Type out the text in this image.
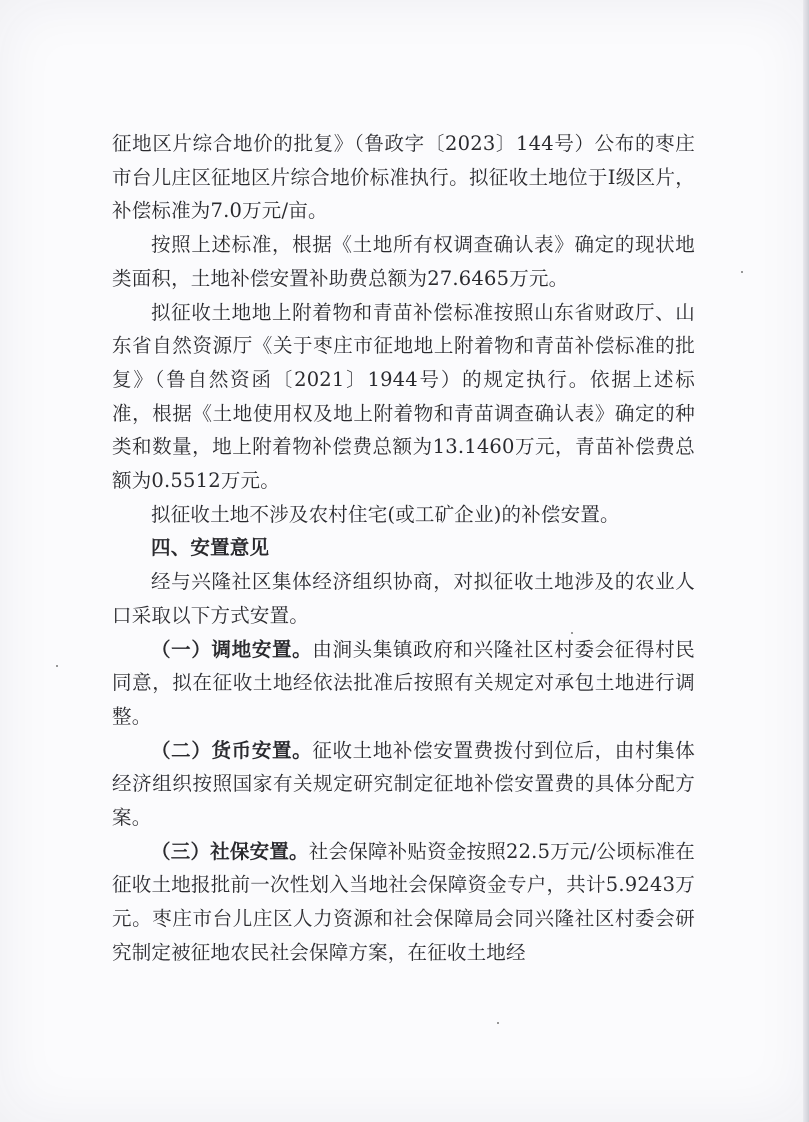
征地区片综合地价的批复》（鲁政字〔2023〕144号）公布的枣庄市台儿庄区征地区片综合地价标准执行。拟征收土地位于I级区片，补偿标准为7.0万元/亩。

按照上述标准，根据《土地所有权调查确认表》确定的现状地类面积，土地补偿安置补助费总额为27.6465万元。

拟征收土地地上附着物和青苗补偿标准按照山东省财政厅、山东省自然资源厅《关于枣庄市征地地上附着物和青苗补偿标准的批复》（鲁自然资函〔2021〕1944号）的规定执行。依据上述标准，根据《土地使用权及地上附着物和青苗调查确认表》确定的种类和数量，地上附着物补偿费总额为13.1460万元，青苗补偿费总额为0.5512万元。

拟征收土地不涉及农村住宅(或工矿企业)的补偿安置。

四、安置意见

经与兴隆社区集体经济组织协商，对拟征收土地涉及的农业人口采取以下方式安置。

（一）调地安置。由涧头集镇政府和兴隆社区村委会征得村民同意，拟在征收土地经依法批准后按照有关规定对承包土地进行调整。

（二）货币安置。征收土地补偿安置费拨付到位后，由村集体经济组织按照国家有关规定研究制定征地补偿安置费的具体分配方案。

（三）社保安置。社会保障补贴资金按照22.5万元/公顷标准在征收土地报批前一次性划入当地社会保障资金专户，共计5.9243万元。枣庄市台儿庄区人力资源和社会保障局会同兴隆社区村委会研究制定被征地农民社会保障方案，在征收土地经
